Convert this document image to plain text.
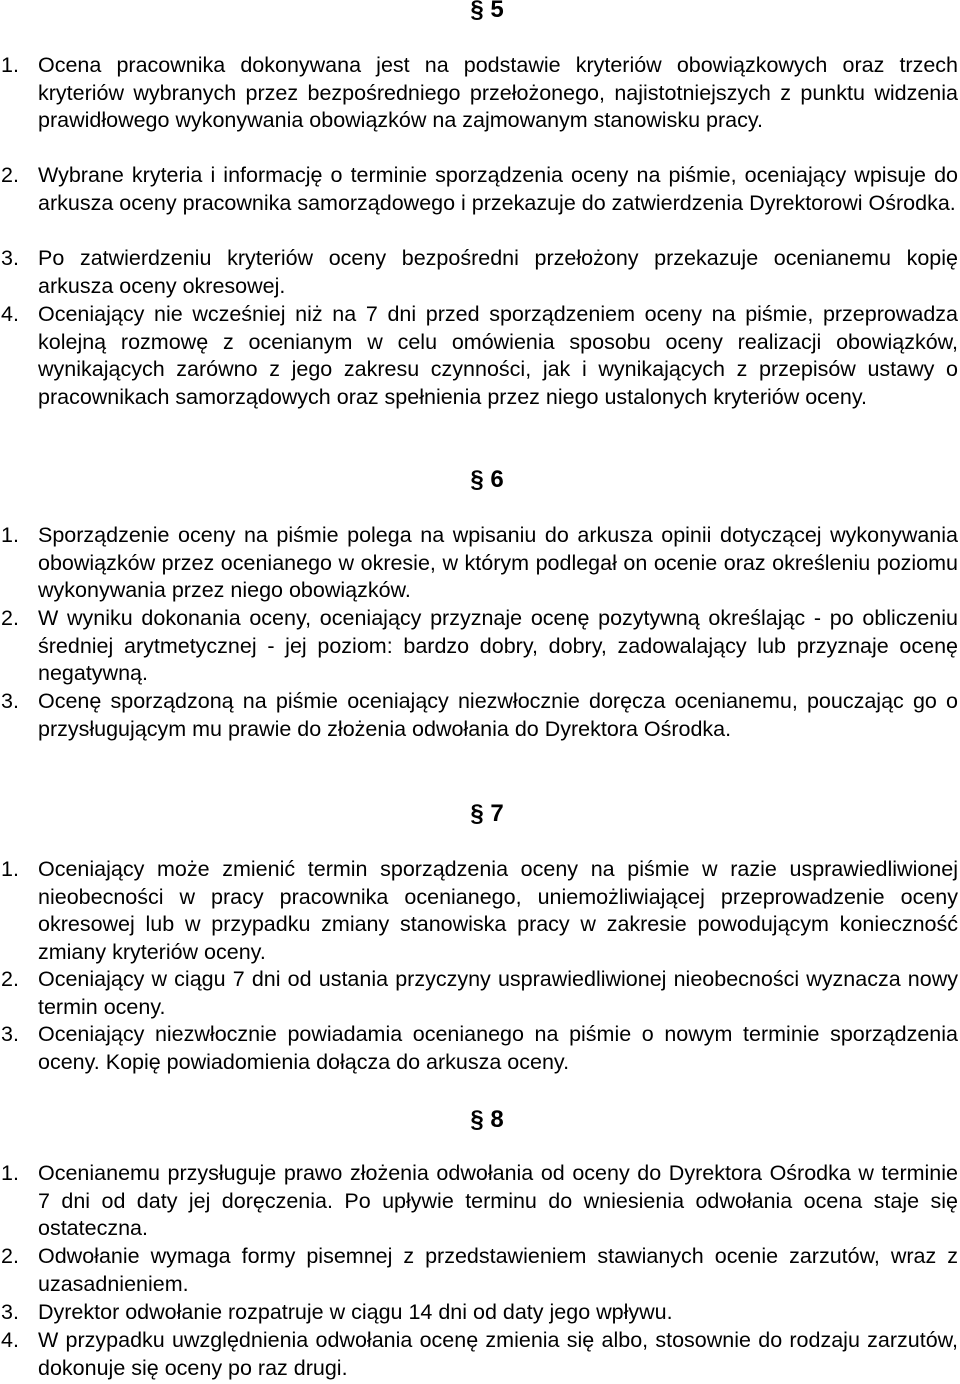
§ 5
1. Ocena pracownika dokonywana jest na podstawie kryteriów obowiązkowych oraz trzech kryteriów wybranych przez bezpośredniego przełożonego, najistotniejszych z punktu widzenia prawidłowego wykonywania obowiązków na zajmowanym stanowisku pracy.
2. Wybrane kryteria i informację o terminie sporządzenia oceny na piśmie, oceniający wpisuje do arkusza oceny pracownika samorządowego i przekazuje do zatwierdzenia Dyrektorowi Ośrodka.
3. Po zatwierdzeniu kryteriów oceny bezpośredni przełożony przekazuje ocenianemu kopię arkusza oceny okresowej.
4. Oceniający nie wcześniej niż na 7 dni przed sporządzeniem oceny na piśmie, przeprowadza kolejną rozmowę z ocenianym w celu omówienia sposobu oceny realizacji obowiązków, wynikających zarówno z jego zakresu czynności, jak i wynikających z przepisów ustawy o pracownikach samorządowych oraz spełnienia przez niego ustalonych kryteriów oceny.
§ 6
1. Sporządzenie oceny na piśmie polega na wpisaniu do arkusza opinii dotyczącej wykonywania obowiązków przez ocenianego w okresie, w którym podlegał on ocenie oraz określeniu poziomu wykonywania przez niego obowiązków.
2. W wyniku dokonania oceny, oceniający przyznaje ocenę pozytywną określając - po obliczeniu średniej arytmetycznej - jej poziom: bardzo dobry, dobry, zadowalający lub przyznaje ocenę negatywną.
3. Ocenę sporządzoną na piśmie oceniający niezwłocznie doręcza ocenianemu, pouczając go o przysługującym mu prawie do złożenia odwołania do Dyrektora Ośrodka.
§ 7
1. Oceniający może zmienić termin sporządzenia oceny na piśmie w razie usprawiedliwionej nieobecności w pracy pracownika ocenianego, uniemożliwiającej przeprowadzenie oceny okresowej lub w przypadku zmiany stanowiska pracy w zakresie powodującym konieczność zmiany kryteriów oceny.
2. Oceniający w ciągu 7 dni od ustania przyczyny usprawiedliwionej nieobecności wyznacza nowy termin oceny.
3. Oceniający niezwłocznie powiadamia ocenianego na piśmie o nowym terminie sporządzenia oceny. Kopię powiadomienia dołącza do arkusza oceny.
§ 8
1. Ocenianemu przysługuje prawo złożenia odwołania od oceny do Dyrektora Ośrodka w terminie 7 dni od daty jej doręczenia. Po upływie terminu do wniesienia odwołania ocena staje się ostateczna.
2. Odwołanie wymaga formy pisemnej z przedstawieniem stawianych ocenie zarzutów, wraz z uzasadnieniem.
3. Dyrektor odwołanie rozpatruje w ciągu 14 dni od daty jego wpływu.
4. W przypadku uwzględnienia odwołania ocenę zmienia się albo, stosownie do rodzaju zarzutów, dokonuje się oceny po raz drugi.
